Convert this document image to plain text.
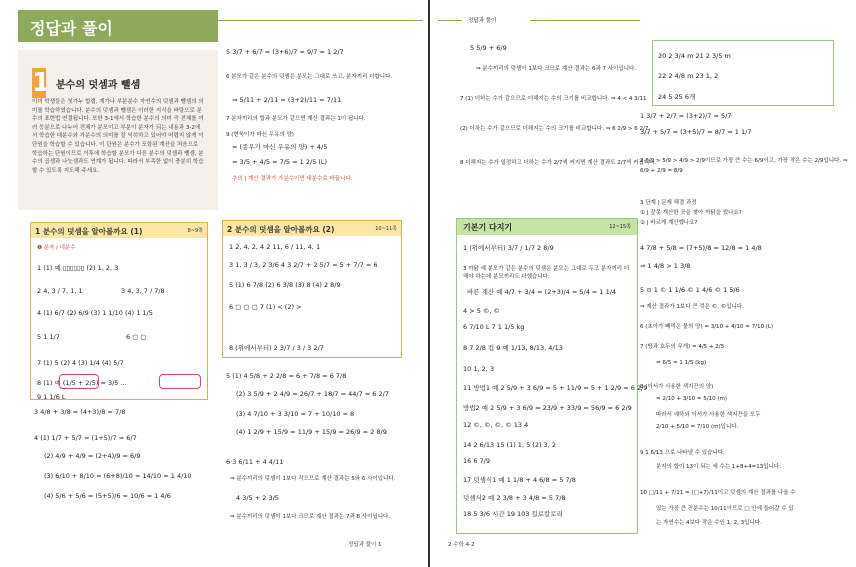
정답과 풀이
1 분수의 덧셈과 뺄셈
이미 학생들은 첫가누 합랩, 계가나 부분분수 자연수의 덧셈과 뺄셈의 의미를 학습하였습니다. 분수의 덧셈과 뺄셈은 이러한 지식을 바탕으로 분수의 표현법 연결됩니다. 또한 3-1에서 학습한 분수의 의미 즉 전체를 여러 등분으로 나누어 전체가 분모이고 부분이 분자가 되는 내용과 3-2에서 학습한 대분수와 가분수의 의미를 잘 익히하고 있어야 어렵지 않게 이 단원을 학습할 수 있습니다. 이 단원은 분수가 포함된 계산을 처음으로 학습하는 단원이므로 이후에 학습할 분모가 다른 분수의 덧셈과 뺄셈, 분수의 곱셈과 나눗셈과도 연계가 됩니다. 따라서 부족한 없이 충분히 학습할 수 있도록 지도해 주세요.
1 분수의 덧셈을 알아볼까요 (1)	8~9쪽
❶ 분자 / 대분수
1 (1) 예 ▯▯▯▯▯▯ (2) 1, 2, 3
2 4, 3 / 7, 1, 1	3 4, 3, 7 / 7/8
4 (1) 6/7 (2) 6/9 (3) 1 1/10 (4) 1 1/5
5 1 1/7	6 ▢ ▢
7 (1) 5 (2) 4 (3) 1/4 (4) 5/7
8 (1) 예 (1/5 + 2/5) = 3/5 ...
9 1 1/6 L
3 4/8 + 3/8 = (4+3)/8 = 7/8
4 (1) 1/7 + 5/7 = (1+5)/7 = 6/7
(2) 4/9 + 4/9 = (2+4)/9 = 6/9
(3) 6/10 + 8/10 = (6+8)/10 = 14/10 = 1 4/10
(4) 5/6 + 5/6 = (5+5)/6 = 10/6 = 1 4/6
5 3/7 + 6/7 = (3+6)/7 = 9/7 = 1 2/7
6 분모가 같은 분수의 덧셈은 분모는 그대로 쓰고, 분자끼리 더합니다.
⇒ 5/11 + 2/11 = (3+2)/11 = 7/11
7 분자끼리의 합과 분모가 같으면 계산 결과는 1이 됩니다.
9 (현욱이가 마신 우유의 양)
= (종우가 마신 우유의 양) + 4/5
= 3/5 + 4/5 = 7/5 = 1 2/5 (L)
추의 | 계산 결과가 가분수이면 대분수로 바꿉니다.
2 분수의 덧셈을 알아볼까요 (2)	10~11쪽
1 2, 4, 2, 4 2 11, 6 / 11, 4, 1
3 1, 3 / 3, 2 3/6 4 3 2/7 + 2 5/7 = 5 + 7/7 = 6
5 (1) 6 7/8 (2) 6 3/8 (3) 8 (4) 2 8/9
6 ▢ ▢ ▢ 7 (1) < (2) >
8 (위에서부터) 2 3/7 / 3 / 3 2/7
5 (1) 4 5/8 + 2 2/8 = 6 + 7/8 = 6 7/8
(2) 3 5/9 + 2 4/9 = 26/7 + 18/7 = 44/7 = 6 2/7
(3) 4 7/10 + 3 3/10 = 7 + 10/10 = 8
(4) 1 2/9 + 15/9 = 11/9 + 15/9 = 26/9 = 2 8/9
6 3 6/11 + 4 4/11
⇒ 분수끼리의 덧셈이 1보다 작으므로 계산 결과는 5와 6 사이입니다.
4 3/5 + 2 3/5
⇒ 분수끼리의 덧셈이 1보다 크므로 계산 결과는 7과 8 사이입니다.
정답과 풀이 1
정답과 풀이
5 5/9 + 6/9
⇒ 분수끼리의 덧셈이 1보다 크므로 계산 결과는 6과 7 사이입니다.
7 (1) 더하는 수가 같으므로 더해지는 수의 크기를 비교합니다. ⇒ 4 < 4 3/11
(2) 더하는 수가 같으므로 더해지는 수의 크기를 비교합니다. ⇒ 6 2/9 > 6 2/7
8 더해지는 수가 일정하고 더하는 수가 2/7씩 커지면 계산 결과도 2/7씩 커집니다.
기본기 다지기	12~15쪽
1 (위에서부터) 3/7 / 1/7 2 8/9
3 까닭 예 분모가 같은 분수의 덧셈은 분모는 그대로 두고 분자끼리 더해야 하는데 분모끼리도 더했습니다.
바른 계산 예 4/7 + 3/4 = (2+3)/4 = 5/4 = 1 1/4
4 > 5 ©, ©
6 7/10 L 7 1 1/5 kg
8 7 2/8 컵 9 예 1/13, 8/13, 4/13
10 1, 2, 3
11 방법1 예 2 5/9 + 3 6/9 = 5 + 11/9 = 5 + 1 2/9 = 6 2/9
방법2 예 2 5/9 + 3 6/9 = 23/9 + 33/9 = 56/9 = 6 2/9
12 ©, ©, ©, © 13 4
14 2 6/13 15 (1) 1, 5 (2) 3, 2
16 6 7/9
17 덧셈식1 예 1 1/8 + 4 6/8 = 5 7/8
덧셈식2 예 2 3/8 + 3 4/8 = 5 7/8
18 5 3/6 시간 19 103 킬로칼로리
20 2 3/4 m 21 2 3/5 m
22 2 4/8 m 23 1, 2
24 5 25 6개
1 3/7 + 2/7 = (3+2)/7 = 5/7
3/7 + 5/7 = (3+5)/7 = 8/7 = 1 1/7
2 6/9 > 5/9 > 4/9 > 2/9이므로 가장 큰 수는 6/9이고, 가장 작은 수는 2/9입니다. ⇒ 6/9 + 2/9 = 8/9
3 단계 | 문제 해결 과정
① | 잘못 계산한 곳을 찾아 까닭을 썼나요?
② | 바르게 계산했나요?
4 7/8 + 5/8 = (7+5)/8 = 12/8 = 1 4/8
⇒ 1 4/8 > 1 3/8
5 ⊙ 1 © 1 1/6 © 1 4/6 © 1 5/6
⇒ 계산 결과가 1보다 큰 것은 ©, ©입니다.
6 (초아가 빼먹은 물의 양) = 3/10 + 4/10 = 7/10 (L)
7 (방과 호두의 무게) = 4/5 + 2/5
= 6/5 = 1 1/5 (kg)
8 (이서가 사용한 색지끈의 양)
= 2/10 + 3/10 = 5/10 (m)
따라서 예하와 이서가 사용한 색지끈을 모두
2/10 + 5/10 = 7/10 (m)입니다.
9 1 6/13 으로 나타낼 수 있습니다.
분자의 합이 13이 되는 세 수는 1+8+4=13입니다.
10 □/11 + 7/11 = (□+7)/11이고 덧셈의 계산 결과를 나올 수
있는 가장 큰 진분수는 10/11이므로 □ 안에 들어갈 수 있
는 자연수는 4보다 작은 수인 1, 2, 3입니다.
2 수학 4-2
